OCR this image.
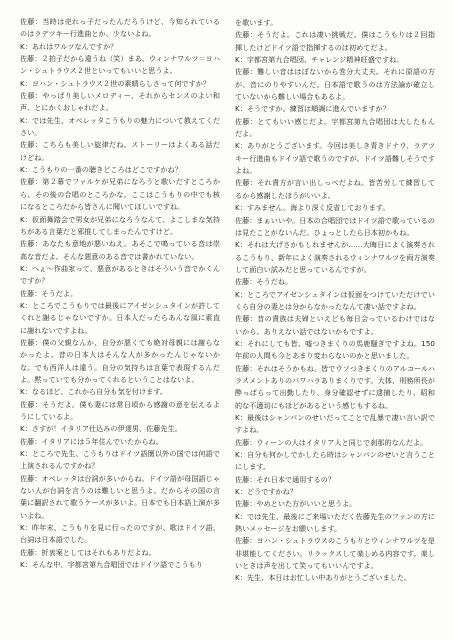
佐藤：当時は売れっ子だったんだろうけど、今知られているのはラデツキー行進曲とか、少ないよね。

K：あれはワルツなんですか？

佐藤：２拍子だから違うね（笑）まあ、ウィンナワルツ＝ヨハン・シュトラウス２世といってもいいと思うよ。

K：ヨハン・シュトラウス２世の素晴らしさって何ですか？

佐藤：やっぱり美しいメロディー、それからセンスのよい和声、とにかくおしゃれだよ。

K：では先生、オペレッタこうもりの魅力について教えてください。

佐藤：こちらも美しい旋律だね。ストーリーはよくある話だけどね。

K：こうもりの一番の聴きどころはどこですかね？

佐藤：第２幕でファルケが兄弟になろうと歌いだすところから、その後の合唱のところかな。ここはこうもりの中でも核になるところだから皆さんに聞いてほしいですね。

K：仮面舞踏会で男女が兄弟になろうなんて、よこしまな気持ちがある言葉だと邪推してしまったんですけど。

佐藤：あなたも意地が悪いねえ。あそこで鳴っている音は崇高な音だよ。そんな悪意のある音では書かれていない。

K：へぇ～作曲家って、悪意があるときはそういう音でかくんですか？

佐藤：そうだよ。

K：ところでこうもりでは最後にアイゼンシュタインが許してくれと謝るじゃないですか。日本人だったらあんな風に素直に謝れないですよね。

佐藤：僕の父親なんか、自分が悪くても絶対母親には謝らなかったよ。昔の日本人はそんな人が多かったんじゃないかな。でも西洋人は違う。自分の気持ちは言葉で表現するんだよ。黙っていても分かってくれるということはないよ。

K：なるほど、これから自分も気を付けます。

佐藤：そうだよ。僕も妻には常日頃から感謝の意を伝えるようにしているよ。

K：さすが！イタリア仕込みの伊達男、佐藤先生。

佐藤：イタリアには５年住んでいたからね。

K：ところで先生、こうもりはドイツ語圏以外の国では何語で上演されるんですかね？

佐藤：オペレッタは台詞が多いからね。ドイツ語が母国語じゃない人が台詞を言うのは難しいと思うよ。だからその国の言葉に翻訳されて歌うケースが多いよ。日本でも日本語上演が多いよね。

K：昨年末、こうもりを見に行ったのですが、歌はドイツ語、台詞は日本語でした。

佐藤：折衷案としてはそれもありだよね。

K：そんな中、宇都宮第九合唱団ではドイツ語でこうもり

を歌います。

佐藤：そうだよ。これは凄い挑戦だ。僕はこうもりは２回指揮したけどドイツ語で指揮するのは初めてだよ。

K：宇都宮第九合唱団、チャレンジ精神旺盛ですね。

佐藤：難しい音ははぼないから巻分大丈夫。それに原語の方が、音にのりやすいんだ。日本語で歌うのは方法論が確立していないから難しい場合もあるよ。

K：そうですか。練習は順調に進んでいますか？

佐藤：とてもいい感じだよ。宇都宮第九合唱団は大したもんだよ。

K：ありがとうございます。今回は美しき青きドナウ、ラデツキー行進曲もドイツ語で歌うのですが、ドイツ語難しそうですよね。

佐藤：それ貴方が言い出しっぺだよね。皆苦労して練習してるから感謝したほうがいいよ。

K：すみません。海より深く反省しております。

佐藤：まぁいいや。日本の合唱団ではドイツ語で歌っているのは見たことがないんだ。ひょっとしたら日本初かもね。

K：それは大げさかもしれませんが……大晦日によく演奏されるこうもり、新年によく演奏されるウィンナワルツを両方演奏して面白い試みだと思っているんですが。

佐藤：そうだね。

K：ところでアイゼンシュタインは仮面をつけていただけでいくら自分の妻とは分からなかったなんて凄い話ですよね。

佐藤：昔の貴族は夫婦といえども毎日会っているわけではないから、ありえない話ではないかもですよ。

K：それにしても皆、嘘つきまくりの馬鹿騒ぎですよね。150年前の人間も今とあまり変わらないのかと思いました。

佐藤：それはそうかもね。皆でウソつきまくりのアルコールハラスメントありのパワハラありまくりです。大体、刑務所長が酔っぱらって出勤したり、身分確認せずに逮捕したり、昭和的な不適切にもほどがあるという感じもするね。

K：最後はシャンパンのせいだってことで乱暴で凄い言い訳ですよね。

佐藤：ウィーンの人はイタリア人と同じで刹那的なんだよ。

K：自分も何かしでかしたら時はシャンパンのせいと言うことにします。

佐藤：それ日本で通用するの？

K：どうですかね？

佐藤：やめといた方がいいと思うよ。

K：では先生、最後にご来場いただく佐藤先生のファンの方に熱いメッセージをお願いします。

佐藤：ヨハン・シュトラウスのこうもりとウィンナワルツを是非堪能してください。リラックスして楽しめる内容です。楽しいときは声を出して笑ってもいいんですよ。

K：先生、本日はお忙しい中ありがとうございました。
